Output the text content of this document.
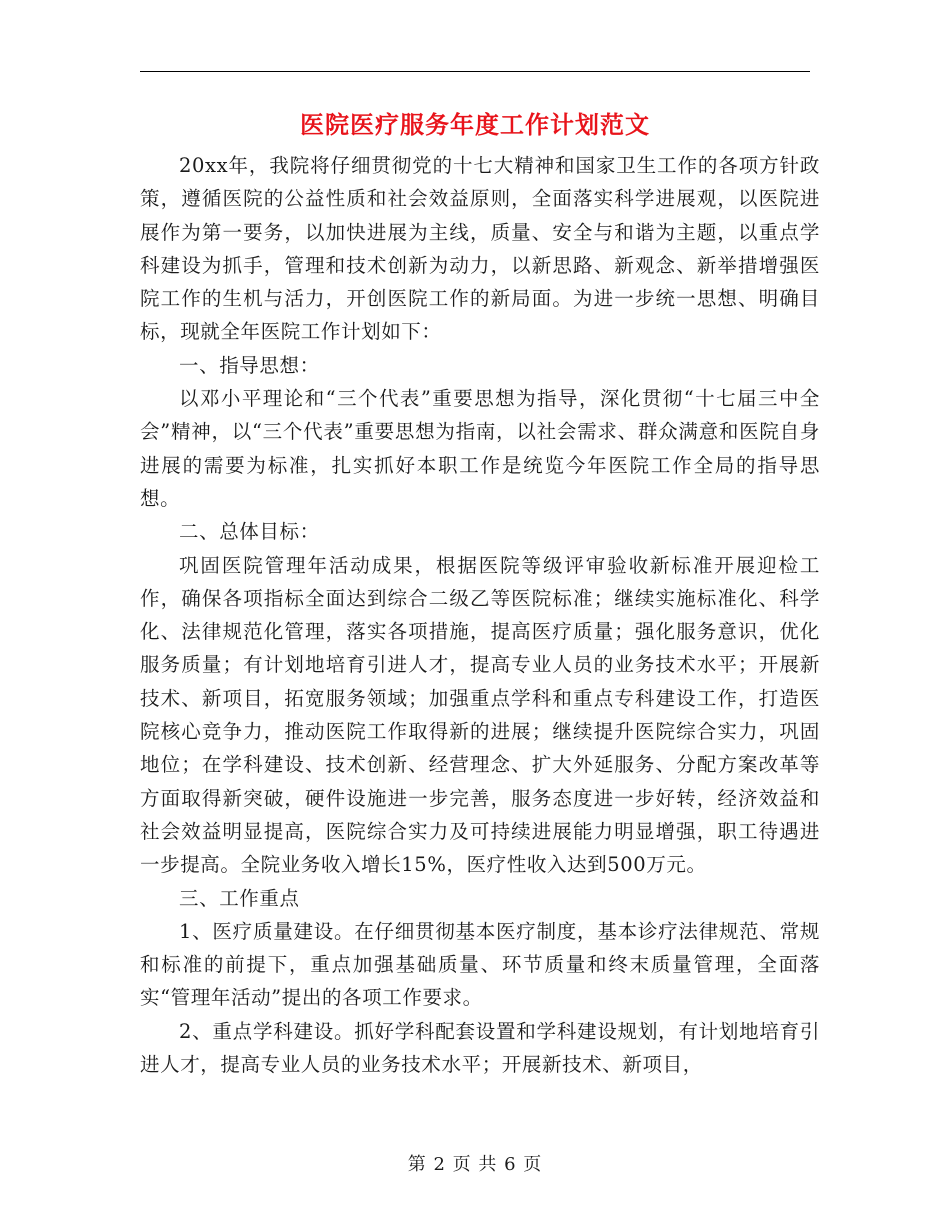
医院医疗服务年度工作计划范文

20xx年，我院将仔细贯彻党的十七大精神和国家卫生工作的各项方针政策，遵循医院的公益性质和社会效益原则，全面落实科学进展观，以医院进展作为第一要务，以加快进展为主线，质量、安全与和谐为主题，以重点学科建设为抓手，管理和技术创新为动力，以新思路、新观念、新举措增强医院工作的生机与活力，开创医院工作的新局面。为进一步统一思想、明确目标，现就全年医院工作计划如下：

一、指导思想：

以邓小平理论和“三个代表”重要思想为指导，深化贯彻“十七届三中全会”精神，以“三个代表”重要思想为指南，以社会需求、群众满意和医院自身进展的需要为标准，扎实抓好本职工作是统览今年医院工作全局的指导思想。

二、总体目标：

巩固医院管理年活动成果，根据医院等级评审验收新标准开展迎检工作，确保各项指标全面达到综合二级乙等医院标准；继续实施标准化、科学化、法律规范化管理，落实各项措施，提高医疗质量；强化服务意识，优化服务质量；有计划地培育引进人才，提高专业人员的业务技术水平；开展新技术、新项目，拓宽服务领域；加强重点学科和重点专科建设工作，打造医院核心竞争力，推动医院工作取得新的进展；继续提升医院综合实力，巩固地位；在学科建设、技术创新、经营理念、扩大外延服务、分配方案改革等方面取得新突破，硬件设施进一步完善，服务态度进一步好转，经济效益和社会效益明显提高，医院综合实力及可持续进展能力明显增强，职工待遇进一步提高。全院业务收入增长15%，医疗性收入达到500万元。

三、工作重点

1、医疗质量建设。在仔细贯彻基本医疗制度，基本诊疗法律规范、常规和标准的前提下，重点加强基础质量、环节质量和终末质量管理，全面落实“管理年活动”提出的各项工作要求。

2、重点学科建设。抓好学科配套设置和学科建设规划，有计划地培育引进人才，提高专业人员的业务技术水平；开展新技术、新项目，

第 2 页 共 6 页
